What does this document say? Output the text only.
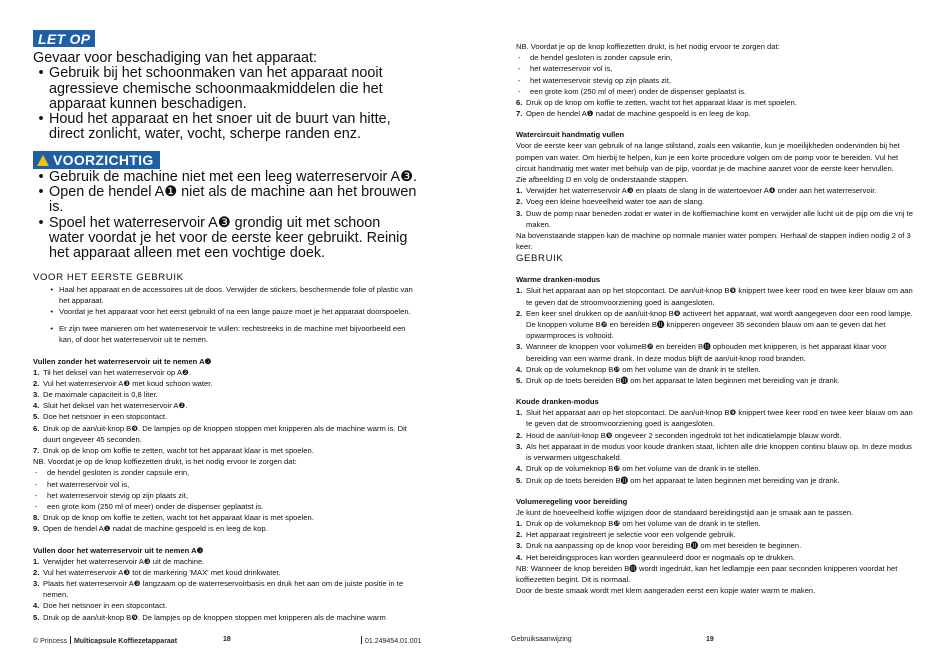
LET OP
Gevaar voor beschadiging van het apparaat:
• Gebruik bij het schoonmaken van het apparaat nooit agressieve chemische schoonmaakmiddelen die het apparaat kunnen beschadigen.
• Houd het apparaat en het snoer uit de buurt van hitte, direct zonlicht, water, vocht, scherpe randen enz.
VOORZICHTIG
• Gebruik de machine niet met een leeg waterreservoir A❸.
• Open de hendel A❶ niet als de machine aan het brouwen is.
• Spoel het waterreservoir A❸ grondig uit met schoon water voordat je het voor de eerste keer gebruikt. Reinig het apparaat alleen met een vochtige doek.
VOOR HET EERSTE GEBRUIK
• Haal het apparaat en de accessoires uit de doos. Verwijder de stickers, beschermende folie of plastic van het apparaat.
• Voordat je het apparaat voor het eerst gebruikt of na een lange pauze moet je het apparaat doorspoelen.
• Er zijn twee manieren om het waterreservoir te vullen: rechtstreeks in de machine met bijvoorbeeld een kan, of door het waterreservoir uit te nemen.
Vullen zonder het waterreservoir uit te nemen A❸
1. Til het deksel van het waterreservoir op A❷.
2. Vul het waterreservoir A❸ met koud schoon water.
3. De maximale capaciteit is 0,8 liter.
4. Sluit het deksel van het waterreservoir A❷.
5. Doe het netsnoer in een stopcontact.
6. Druk op de aan/uit-knop B❾. De lampjes op de knoppen stoppen met knipperen als de machine warm is. Dit duurt ongeveer 45 seconden.
7. Druk op de knop om koffie te zetten, wacht tot het apparaat klaar is met spoelen.
NB. Voordat je op de knop koffiezetten drukt, is het nodig ervoor te zorgen dat:
-	de hendel gesloten is zonder capsule erin,
-	het waterreservoir vol is,
-	het waterreservoir stevig op zijn plaats zit,
-	een grote kom (250 ml of meer) onder de dispenser geplaatst is.
8. Druk op de knop om koffie te zetten, wacht tot het apparaat klaar is met spoelen.
9. Open de hendel A❶ nadat de machine gespoeld is en leeg de kop.
Vullen door het waterreservoir uit te nemen A❸
1. Verwijder het waterreservoir A❸ uit de machine.
2. Vul het waterreservoir A❸ tot de markering 'MAX' met koud drinkwater.
3. Plaats het waterreservoir A❸ langzaam op de waterreservoirbasis en druk het aan om de juiste positie in te nemen.
4. Doe het netsnoer in een stopcontact.
5. Druk op de aan/uit-knop B❾. De lampjes op de knoppen stoppen met knipperen als de machine warm
© Princess Multicapsule Koffiezetapparaat	18	01.249454.01.001
NB. Voordat je op de knop koffiezetten drukt, is het nodig ervoor te zorgen dat:
-	de hendel gesloten is zonder capsule erin,
-	het waterreservoir vol is,
-	het waterreservoir stevig op zijn plaats zit,
-	een grote kom (250 ml of meer) onder de dispenser geplaatst is.
6. Druk op de knop om koffie te zetten, wacht tot het apparaat klaar is met spoelen.
7. Open de hendel A❶ nadat de machine gespoeld is en leeg de kop.
Watercircuit handmatig vullen
Voor de eerste keer van gebruik of na lange stilstand, zoals een vakantie, kun je moeilijkheden ondervinden bij het pompen van water. Om hierbij te helpen, kun je een korte procedure volgen om de pomp voor te bereiden. Vul het circuit handmatig met water met behulp van de pijp, voordat je de machine aanzet voor de eerste keer hervullen.
Zie afbeelding D en volg de onderstaande stappen.
1. Verwijder het waterreservoir A❸ en plaats de slang in de watertoevoer A❹ onder aan het waterreservoir.
2. Voeg een kleine hoeveelheid water toe aan de slang.
3. Duw de pomp naar beneden zodat er water in de koffiemachine komt en verwijder alle lucht uit de pijp om die vrij te maken.
Na bovenstaande stappen kan de machine op normale manier water pompen. Herhaal de stappen indien nodig 2 of 3 keer.
GEBRUIK
Warme dranken-modus
1. Sluit het apparaat aan op het stopcontact. De aan/uit-knop B❾ knippert twee keer rood en twee keer blauw om aan te geven dat de stroomvoorziening goed is aangesloten.
2. Een keer snel drukken op de aan/uit-knop B❾ activeert het apparaat, wat wordt aangegeven door een rood lampje. De knoppen volume B❿ en bereiden B⓫ knipperen ongeveer 35 seconden blauw om aan te geven dat het opwarmproces is voltooid.
3. Wanneer de knoppen voor volumeB❿ en bereiden B⓫ ophouden met knipperen, is het apparaat klaar voor bereiding van een warme drank. In deze modus blijft de aan/uit-knop rood branden.
4. Druk op de volumeknop B❿ om het volume van de drank in te stellen.
5. Druk op de toets bereiden B⓫ om het apparaat te laten beginnen met bereiding van je drank.
Koude dranken-modus
1. Sluit het apparaat aan op het stopcontact. De aan/uit-knop B❾ knippert twee keer rood en twee keer blauw om aan te geven dat de stroomvoorziening goed is aangesloten.
2. Houd de aan/uit-knop B❾ ongeveer 2 seconden ingedrukt tot het indicatielampje blauw wordt.
3. Als het apparaat in de modus voor koude dranken staat, lichten alle drie knoppen continu blauw op. In deze modus is verwarmen uitgeschakeld.
4. Druk op de volumeknop B❿ om het volume van de drank in te stellen.
5. Druk op de toets bereiden B⓫ om het apparaat te laten beginnen met bereiding van je drank.
Volumeregeling voor bereiding
Je kunt de hoeveelheid koffie wijzigen door de standaard bereidingstijd aan je smaak aan te passen.
1. Druk op de volumeknop B❿ om het volume van de drank in te stellen.
2. Het apparaat registreert je selectie voor een volgende gebruik.
3. Druk na aanpassing op de knop voor bereiding B⓫ om met bereiden te beginnen.
4. Het bereidingsproces kan worden geannuleerd door er nogmaals op te drukken.
NB: Wanneer de knop bereiden B⓫ wordt ingedrukt, kan het ledlampje een paar seconden knipperen voordat het koffiezetten begint. Dit is normaal.
Door de beste smaak wordt met klem aangeraden eerst een kopje water warm te maken.
Gebruiksaanwijzing	19
